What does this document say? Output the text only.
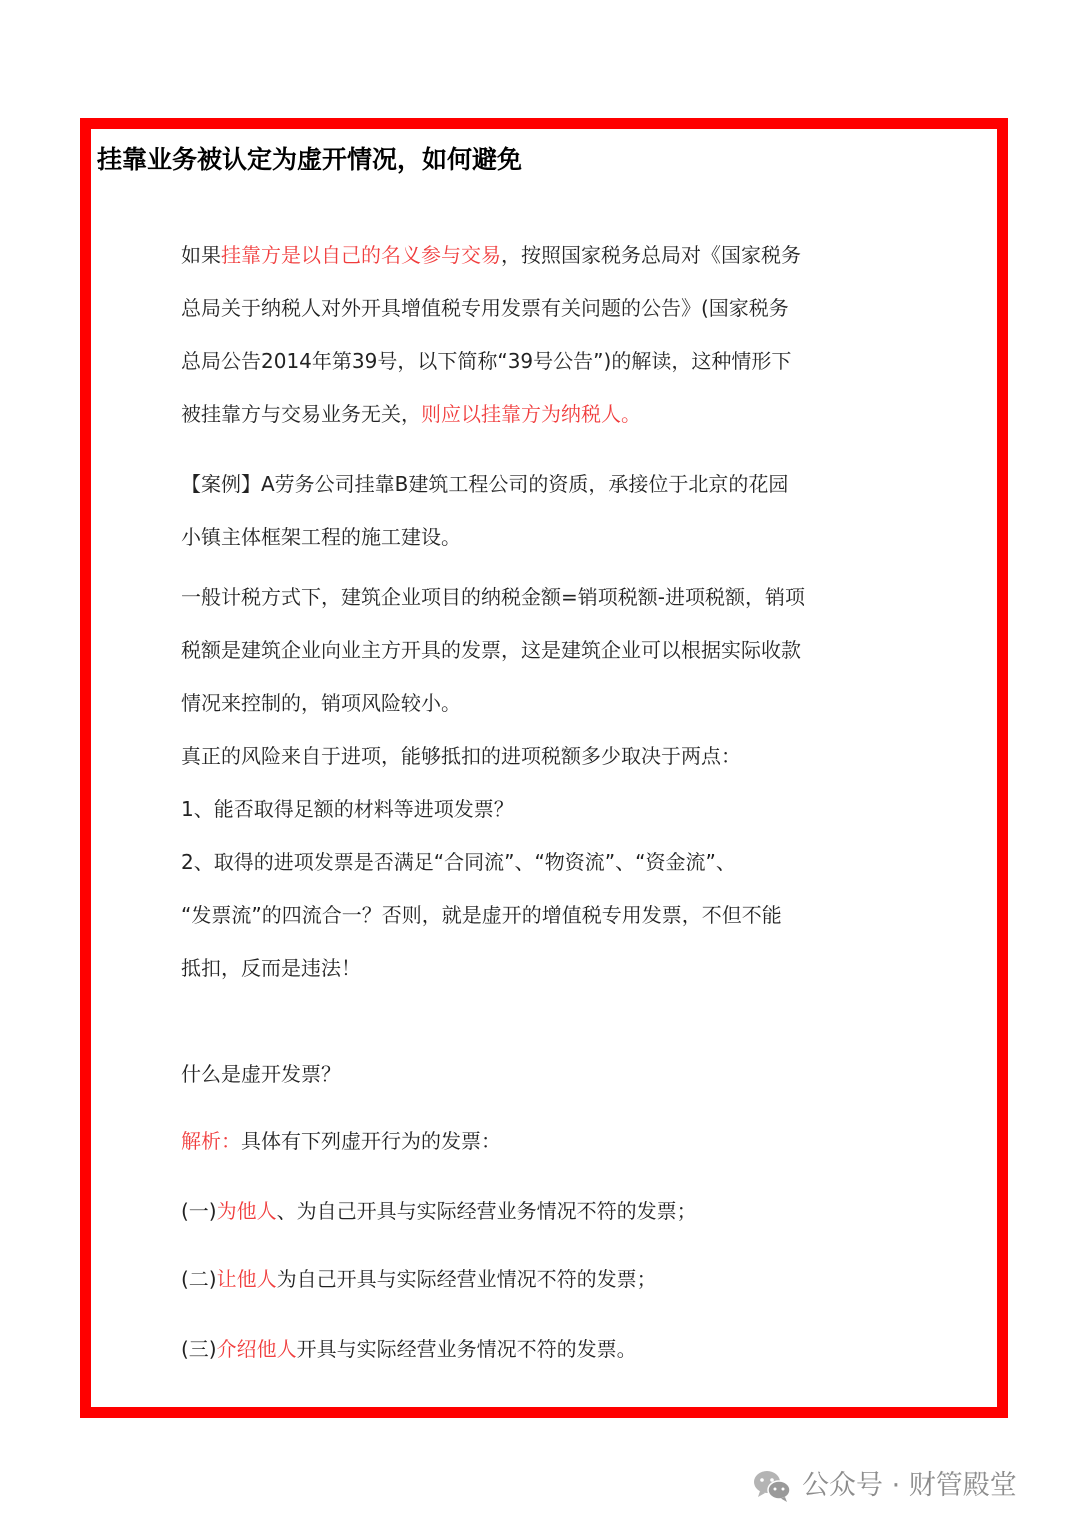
挂靠业务被认定为虚开情况，如何避免
如果挂靠方是以自己的名义参与交易，按照国家税务总局对《国家税务
总局关于纳税人对外开具增值税专用发票有关问题的公告》(国家税务
总局公告2014年第39号，以下简称“39号公告”)的解读，这种情形下
被挂靠方与交易业务无关，则应以挂靠方为纳税人。
【案例】A劳务公司挂靠B建筑工程公司的资质，承接位于北京的花园
小镇主体框架工程的施工建设。
一般计税方式下，建筑企业项目的纳税金额=销项税额-进项税额，销项
税额是建筑企业向业主方开具的发票，这是建筑企业可以根据实际收款
情况来控制的，销项风险较小。
真正的风险来自于进项，能够抵扣的进项税额多少取决于两点：
1、能否取得足额的材料等进项发票？
2、取得的进项发票是否满足“合同流”、“物资流”、“资金流”、
“发票流”的四流合一？否则，就是虚开的增值税专用发票，不但不能
抵扣，反而是违法！
什么是虚开发票？
解析：具体有下列虚开行为的发票：
(一)为他人、为自己开具与实际经营业务情况不符的发票；
(二)让他人为自己开具与实际经营业情况不符的发票；
(三)介绍他人开具与实际经营业务情况不符的发票。
公众号 · 财管殿堂
